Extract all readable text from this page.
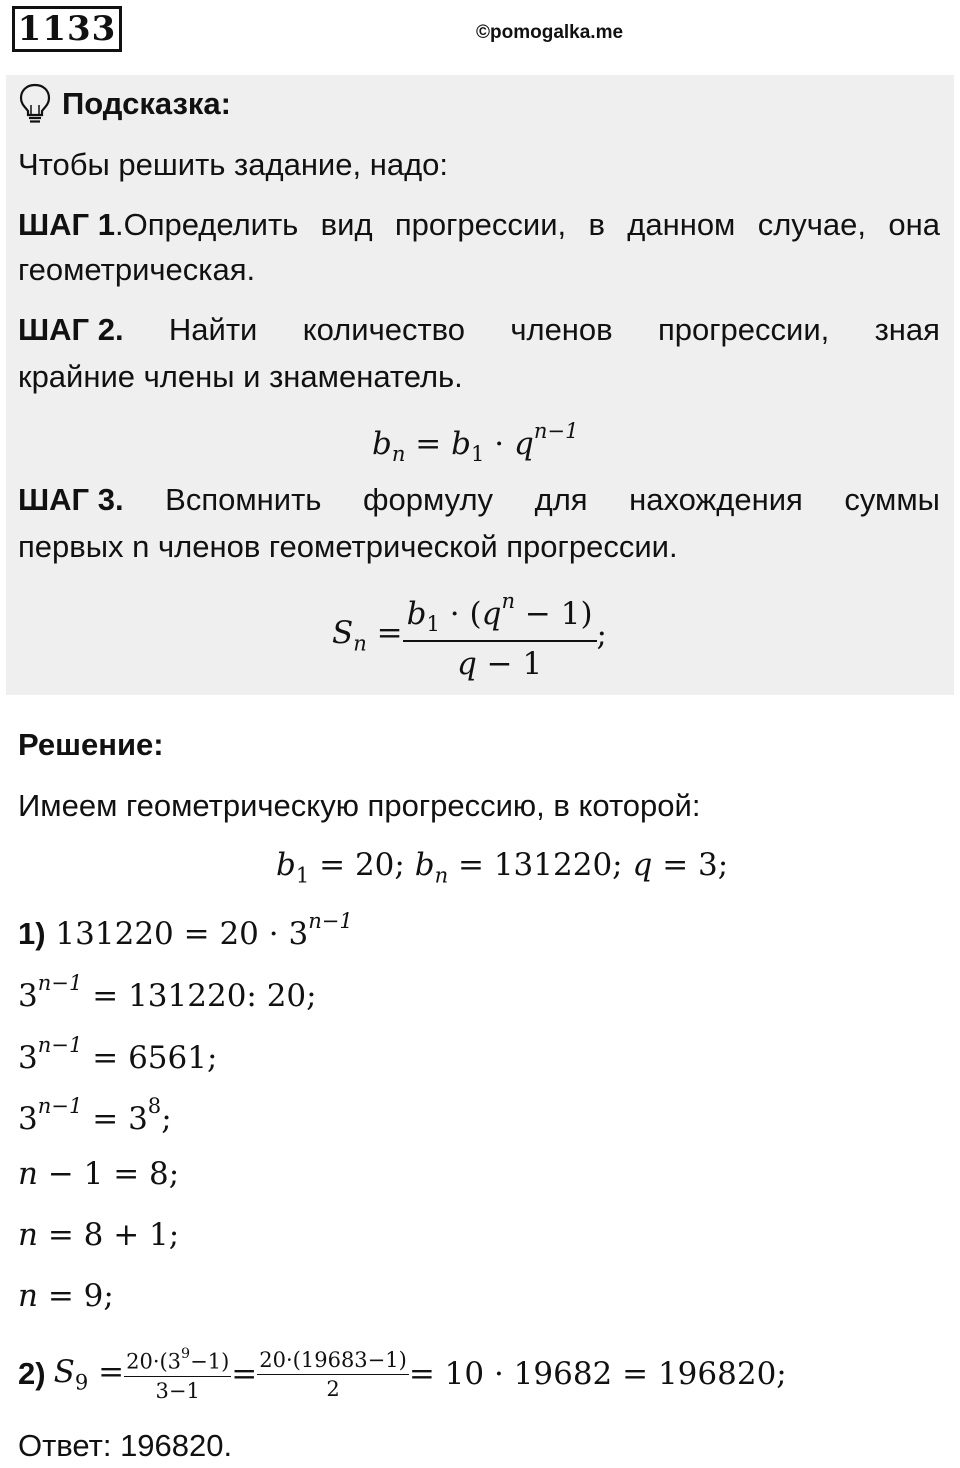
1133	©pomogalka.me
Подсказка:
Чтобы решить задание, надо:
ШАГ 1.Определить вид прогрессии, в данном случае, она
геометрическая.
ШАГ 2. Найти количество членов прогрессии, зная
крайние члены и знаменатель.
$b_n = b_1 \cdot q^{n-1}$
ШАГ 3. Вспомнить формулу для нахождения суммы
первых n членов геометрической прогрессии.
$S_n = \frac{b_1 \cdot (q^n - 1)}{q - 1}$ ;
Решение:
Имеем геометрическую прогрессию, в которой:
$b_1 = 20$; $b_n = 131220$; q = 3;
1) $131220 = 20 \cdot 3^{n-1}$
$3^{n-1} = 131220$: 20;
$3^{n-1} = 6561$;
$3^{n-1} = 3^8$;
n − 1 = 8;
n = 8 + 1;
n = 9;
2) $S_9 = \frac{20\cdot(3^9-1)}{3-1} = \frac{20\cdot(19683-1)}{2} = 10 \cdot 19682 = 196820$;
Ответ: 196820.
